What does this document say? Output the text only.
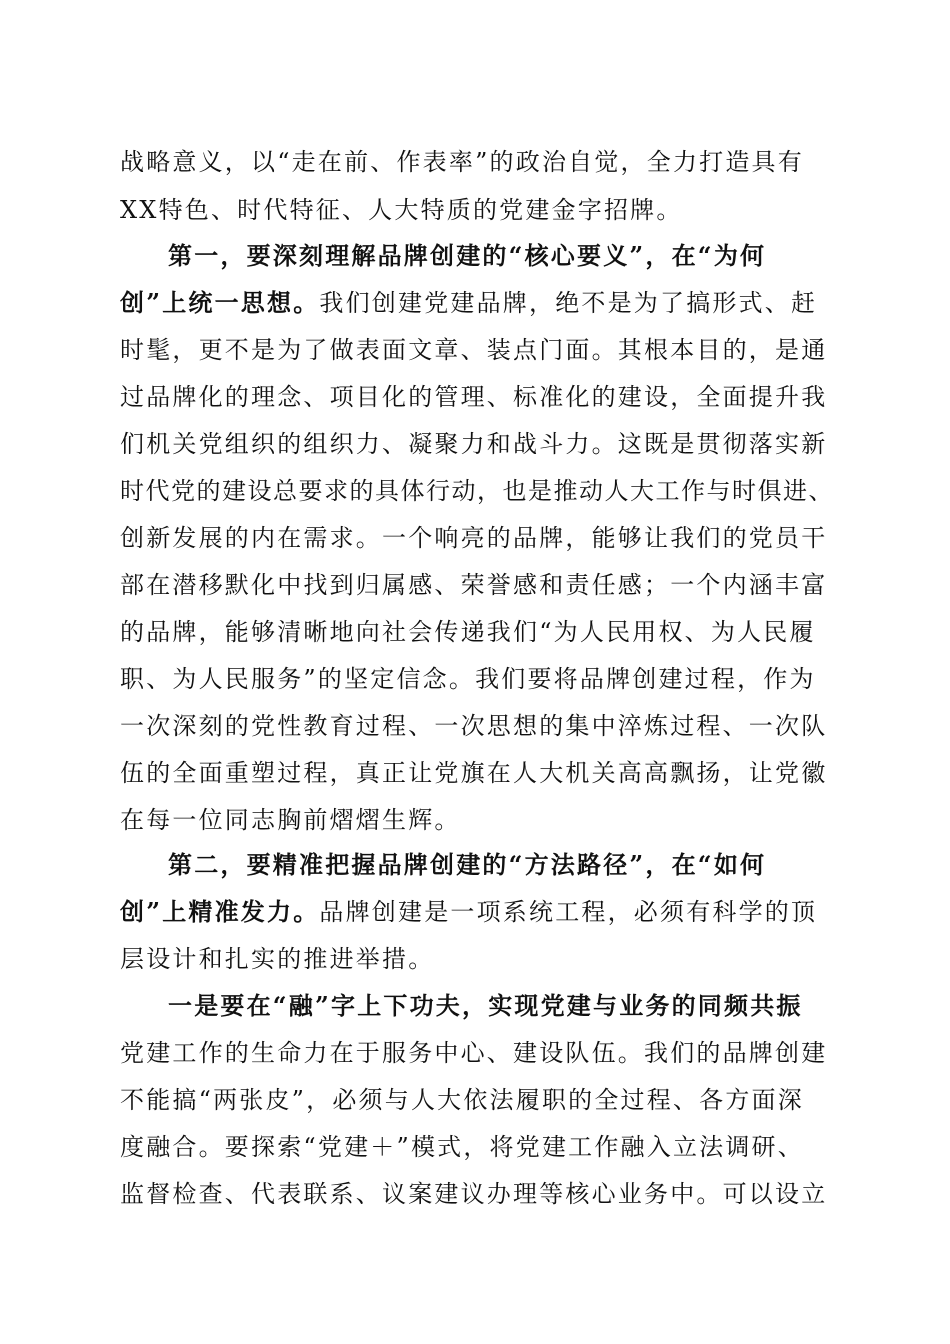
战略意义，以“走在前、作表率”的政治自觉，全力打造具有
XX特色、时代特征、人大特质的党建金字招牌。
第一，要深刻理解品牌创建的“核心要义”，在“为何
创”上统一思想。我们创建党建品牌，绝不是为了搞形式、赶
时髦，更不是为了做表面文章、装点门面。其根本目的，是通
过品牌化的理念、项目化的管理、标准化的建设，全面提升我
们机关党组织的组织力、凝聚力和战斗力。这既是贯彻落实新
时代党的建设总要求的具体行动，也是推动人大工作与时俱进、
创新发展的内在需求。一个响亮的品牌，能够让我们的党员干
部在潜移默化中找到归属感、荣誉感和责任感；一个内涵丰富
的品牌，能够清晰地向社会传递我们“为人民用权、为人民履
职、为人民服务”的坚定信念。我们要将品牌创建过程，作为
一次深刻的党性教育过程、一次思想的集中淬炼过程、一次队
伍的全面重塑过程，真正让党旗在人大机关高高飘扬，让党徽
在每一位同志胸前熠熠生辉。
第二，要精准把握品牌创建的“方法路径”，在“如何
创”上精准发力。品牌创建是一项系统工程，必须有科学的顶
层设计和扎实的推进举措。
一是要在“融”字上下功夫，实现党建与业务的同频共振
党建工作的生命力在于服务中心、建设队伍。我们的品牌创建
不能搞“两张皮”，必须与人大依法履职的全过程、各方面深
度融合。要探索“党建＋”模式，将党建工作融入立法调研、
监督检查、代表联系、议案建议办理等核心业务中。可以设立
